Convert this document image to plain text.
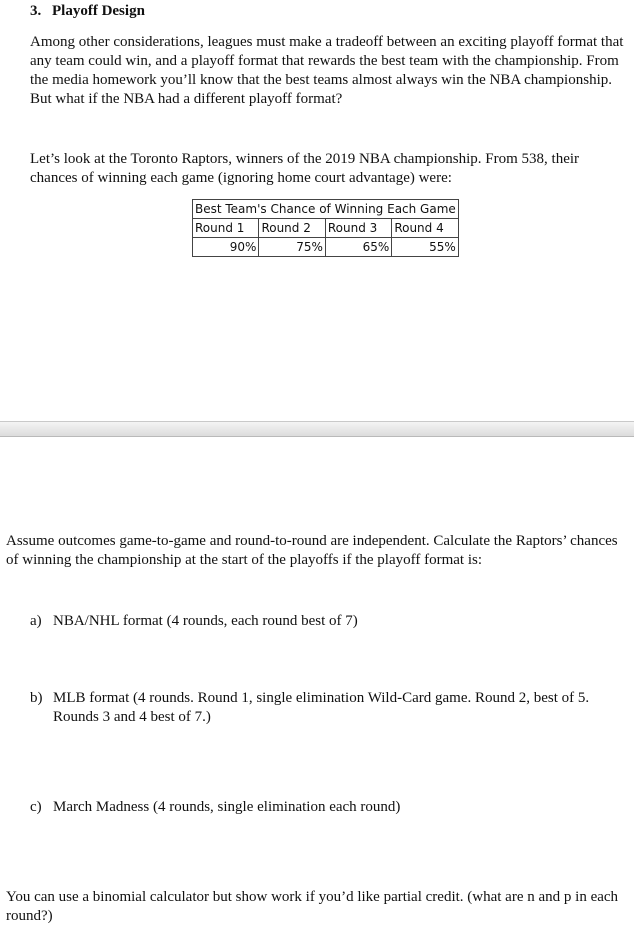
3. Playoff Design
Among other considerations, leagues must make a tradeoff between an exciting playoff format that any team could win, and a playoff format that rewards the best team with the championship. From the media homework you’ll know that the best teams almost always win the NBA championship. But what if the NBA had a different playoff format?
Let’s look at the Toronto Raptors, winners of the 2019 NBA championship. From 538, their chances of winning each game (ignoring home court advantage) were:
Best Team's Chance of Winning Each Game			
Round 1	Round 2	Round 3	Round 4
90%	75%	65%	55%
Assume outcomes game-to-game and round-to-round are independent. Calculate the Raptors’ chances of winning the championship at the start of the playoffs if the playoff format is:
a) NBA/NHL format (4 rounds, each round best of 7)
b) MLB format (4 rounds. Round 1, single elimination Wild-Card game. Round 2, best of 5. Rounds 3 and 4 best of 7.)
c) March Madness (4 rounds, single elimination each round)
You can use a binomial calculator but show work if you’d like partial credit. (what are n and p in each round?)
